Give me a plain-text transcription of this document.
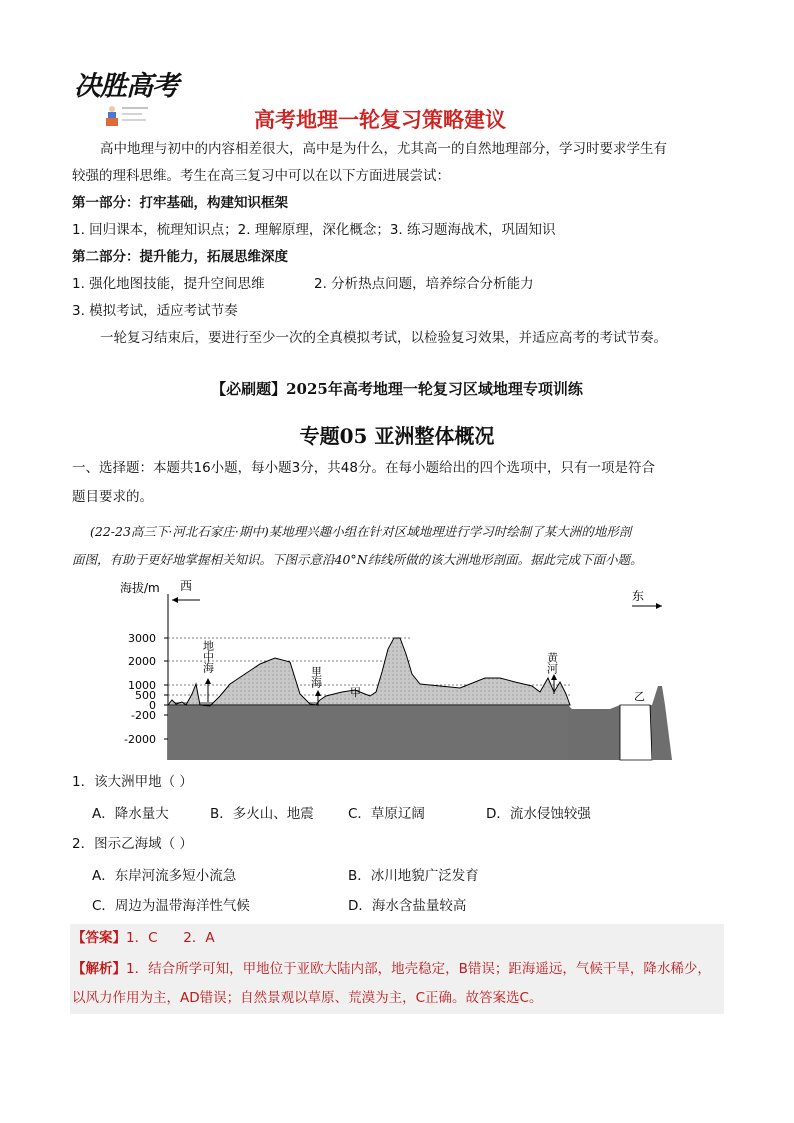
决胜高考
高考地理一轮复习策略建议
高中地理与初中的内容相差很大，高中是为什么，尤其高一的自然地理部分，学习时要求学生有
较强的理科思维。考生在高三复习中可以在以下方面进展尝试：
第一部分：打牢基础，构建知识框架
1. 回归课本，梳理知识点；2. 理解原理，深化概念；3. 练习题海战术，巩固知识
第二部分：提升能力，拓展思维深度
1. 强化地图技能，提升空间思维	2. 分析热点问题，培养综合分析能力
3. 模拟考试，适应考试节奏
一轮复习结束后，要进行至少一次的全真模拟考试，以检验复习效果，并适应高考的考试节奏。
【必刷题】2025年高考地理一轮复习区域地理专项训练
专题05 亚洲整体概况
一、选择题：本题共16小题，每小题3分，共48分。在每小题给出的四个选项中，只有一项是符合
题目要求的。
(22-23高三下·河北石家庄·期中)某地理兴趣小组在针对区域地理进行学习时绘制了某大洲的地形剖
面图，有助于更好地掌握相关知识。下图示意沿40°N纬线所做的该大洲地形剖面。据此完成下面小题。
海拔/m
3000
2000
1000
500
0
-200
-2000
地中海
里海
甲
黄河
乙
西
东
1．该大洲甲地（ ）
A．降水量大	B．多火山、地震	C．草原辽阔	D．流水侵蚀较强
2．图示乙海域（ ）
A．东岸河流多短小流急	B．冰川地貌广泛发育
C．周边为温带海洋性气候	D．海水含盐量较高
【答案】1．C      2．A
【解析】1．结合所学可知，甲地位于亚欧大陆内部，地壳稳定，B错误；距海遥远，气候干旱，降水稀少，
以风力作用为主，AD错误；自然景观以草原、荒漠为主，C正确。故答案选C。
